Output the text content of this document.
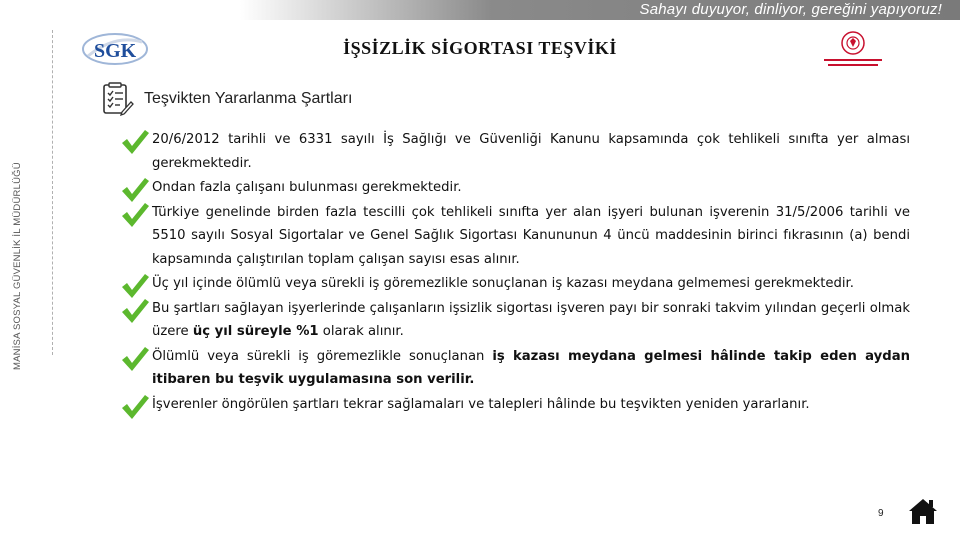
Sahayı duyuyor, dinliyor, gereğini yapıyoruz!
MANİSA SOSYAL GÜVENLİK İL MÜDÜRLÜĞÜ
SGK	İŞSİZLİK SİGORTASI TEŞVİKİ
Teşvikten Yararlanma Şartları
20/6/2012 tarihli ve 6331 sayılı İş Sağlığı ve Güvenliği Kanunu kapsamında çok tehlikeli sınıfta yer alması gerekmektedir.
Ondan fazla çalışanı bulunması gerekmektedir.
Türkiye genelinde birden fazla tescilli çok tehlikeli sınıfta yer alan işyeri bulunan işverenin 31/5/2006 tarihli ve 5510 sayılı Sosyal Sigortalar ve Genel Sağlık Sigortası Kanununun 4 üncü maddesinin birinci fıkrasının (a) bendi kapsamında çalıştırılan toplam çalışan sayısı esas alınır.
Üç yıl içinde ölümlü veya sürekli iş göremezlikle sonuçlanan iş kazası meydana gelmemesi gerekmektedir.
Bu şartları sağlayan işyerlerinde çalışanların işsizlik sigortası işveren payı bir sonraki takvim yılından geçerli olmak üzere üç yıl süreyle %1 olarak alınır.
Ölümlü veya sürekli iş göremezlikle sonuçlanan iş kazası meydana gelmesi hâlinde takip eden aydan itibaren bu teşvik uygulamasına son verilir.
İşverenler öngörülen şartları tekrar sağlamaları ve talepleri hâlinde bu teşvikten yeniden yararlanır.
9
